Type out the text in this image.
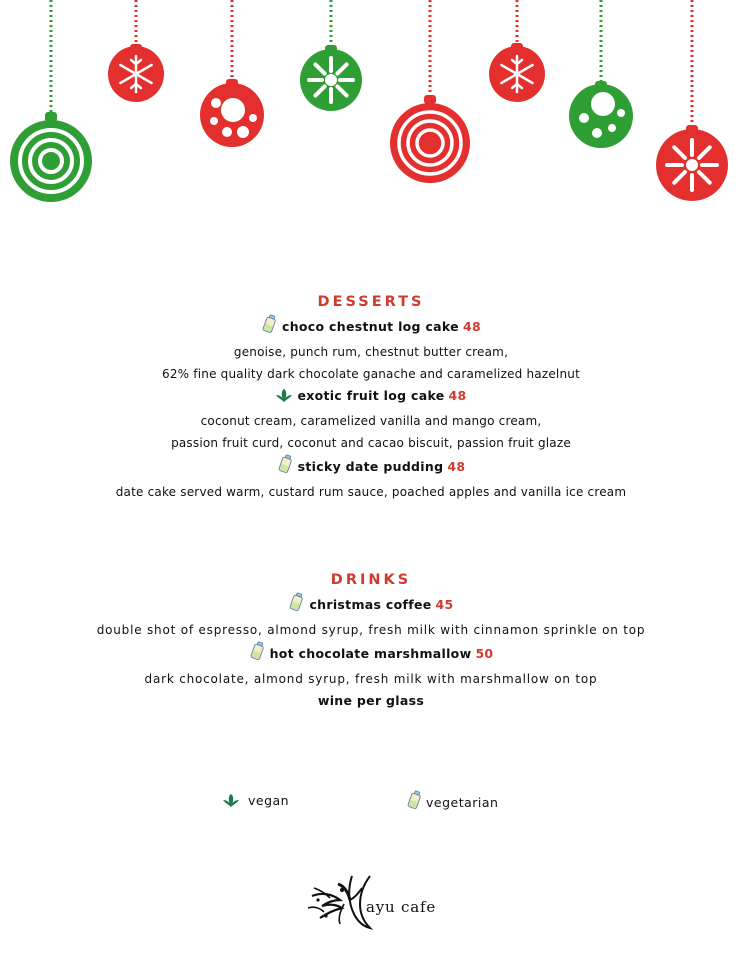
DESSERTS
choco chestnut log cake 48
genoise, punch rum, chestnut butter cream,
62% fine quality dark chocolate ganache and caramelized hazelnut
exotic fruit log cake 48
coconut cream, caramelized vanilla and mango cream,
passion fruit curd, coconut and cacao biscuit, passion fruit glaze
sticky date pudding 48
date cake served warm, custard rum sauce, poached apples and vanilla ice cream
DRINKS
christmas coffee 45
double shot of espresso, almond syrup, fresh milk with cinnamon sprinkle on top
hot chocolate marshmallow 50
dark chocolate, almond syrup, fresh milk with marshmallow on top
wine per glass
vegan	vegetarian
ayu cafe
